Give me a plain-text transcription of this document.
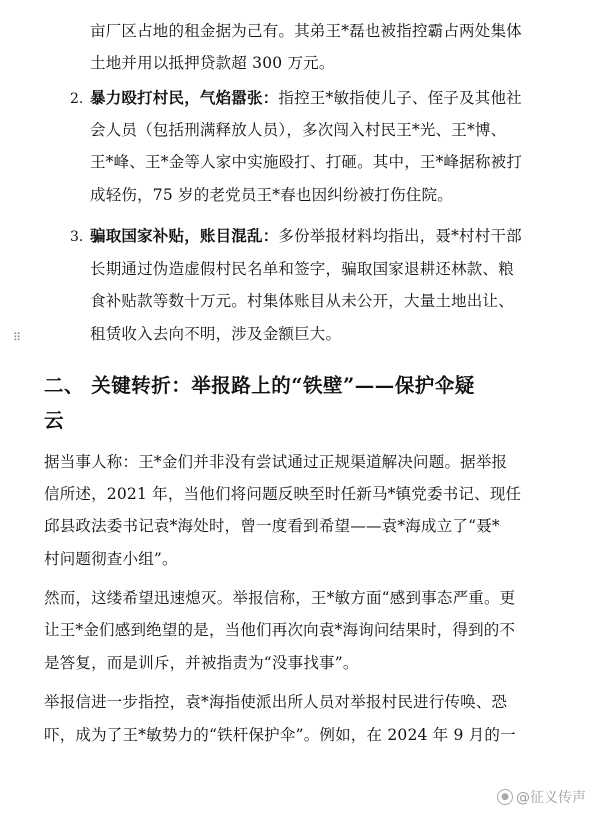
亩厂区占地的租金据为己有。其弟王*磊也被指控霸占两处集体
土地并用以抵押贷款超 300 万元。
2. 暴力殴打村民，气焰嚣张：指控王*敏指使儿子、侄子及其他社
会人员（包括刑满释放人员），多次闯入村民王*光、王*博、
王*峰、王*金等人家中实施殴打、打砸。其中，王*峰据称被打
成轻伤，75 岁的老党员王*春也因纠纷被打伤住院。
3. 骗取国家补贴，账目混乱：多份举报材料均指出，聂*村村干部
长期通过伪造虚假村民名单和签字，骗取国家退耕还林款、粮
食补贴款等数十万元。村集体账目从未公开，大量土地出让、
租赁收入去向不明，涉及金额巨大。
⠿
二、 关键转折：举报路上的“铁壁”——保护伞疑
云
据当事人称：王*金们并非没有尝试通过正规渠道解决问题。据举报
信所述，2021 年，当他们将问题反映至时任新马*镇党委书记、现任
邱县政法委书记袁*海处时，曾一度看到希望——袁*海成立了“聂*
村问题彻查小组”。
然而，这缕希望迅速熄灭。举报信称，王*敏方面“感到事态严重。更
让王*金们感到绝望的是，当他们再次向袁*海询问结果时，得到的不
是答复，而是训斥，并被指责为“没事找事”。
举报信进一步指控，袁*海指使派出所人员对举报村民进行传唤、恐
吓，成为了王*敏势力的“铁杆保护伞”。例如，在 2024 年 9 月的一
● @征义传声
